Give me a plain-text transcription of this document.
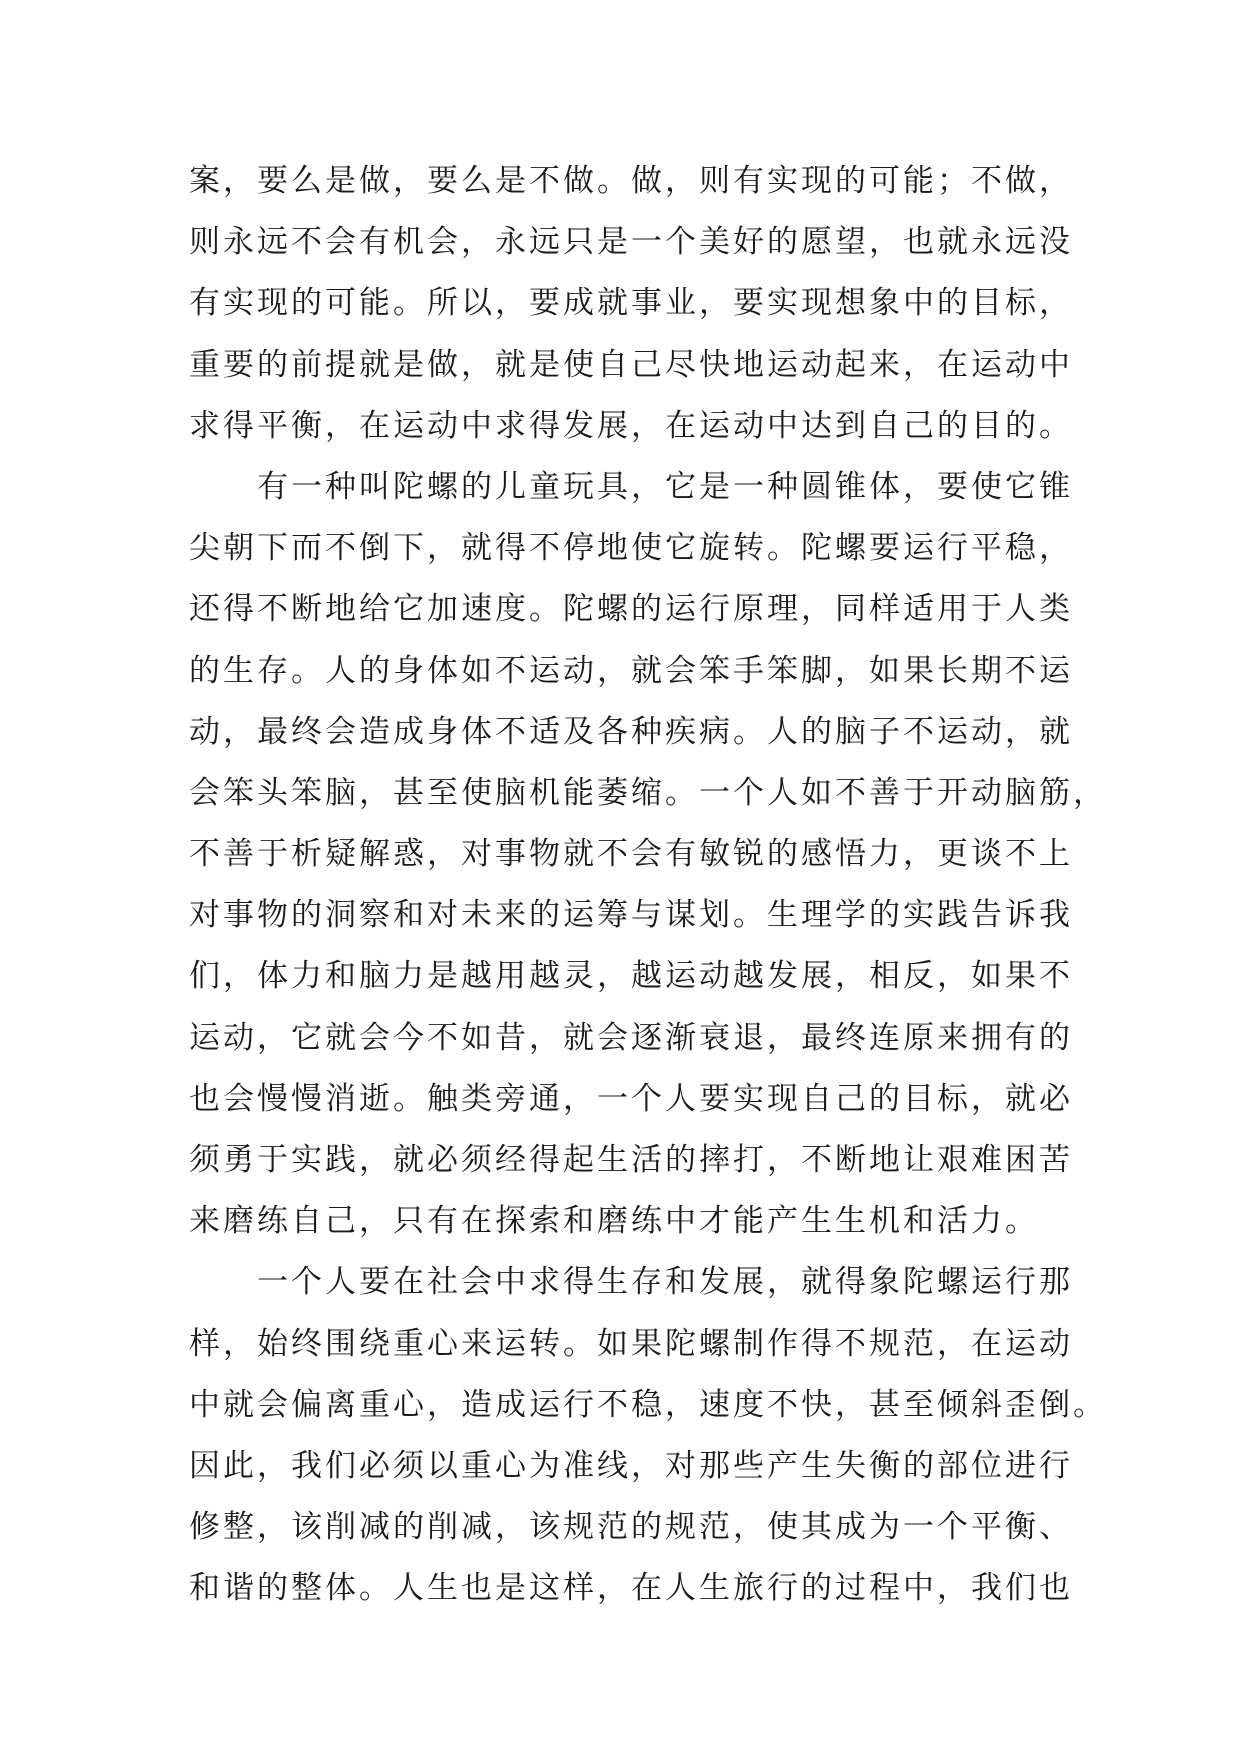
案，要么是做，要么是不做。做，则有实现的可能；不做，
则永远不会有机会，永远只是一个美好的愿望，也就永远没
有实现的可能。所以，要成就事业，要实现想象中的目标，
重要的前提就是做，就是使自己尽快地运动起来，在运动中
求得平衡，在运动中求得发展，在运动中达到自己的目的。
　　有一种叫陀螺的儿童玩具，它是一种圆锥体，要使它锥
尖朝下而不倒下，就得不停地使它旋转。陀螺要运行平稳，
还得不断地给它加速度。陀螺的运行原理，同样适用于人类
的生存。人的身体如不运动，就会笨手笨脚，如果长期不运
动，最终会造成身体不适及各种疾病。人的脑子不运动，就
会笨头笨脑，甚至使脑机能萎缩。一个人如不善于开动脑筋，
不善于析疑解惑，对事物就不会有敏锐的感悟力，更谈不上
对事物的洞察和对未来的运筹与谋划。生理学的实践告诉我
们，体力和脑力是越用越灵，越运动越发展，相反，如果不
运动，它就会今不如昔，就会逐渐衰退，最终连原来拥有的
也会慢慢消逝。触类旁通，一个人要实现自己的目标，就必
须勇于实践，就必须经得起生活的摔打，不断地让艰难困苦
来磨练自己，只有在探索和磨练中才能产生生机和活力。
　　一个人要在社会中求得生存和发展，就得象陀螺运行那
样，始终围绕重心来运转。如果陀螺制作得不规范，在运动
中就会偏离重心，造成运行不稳，速度不快，甚至倾斜歪倒。
因此，我们必须以重心为准线，对那些产生失衡的部位进行
修整，该削减的削减，该规范的规范，使其成为一个平衡、
和谐的整体。人生也是这样，在人生旅行的过程中，我们也
